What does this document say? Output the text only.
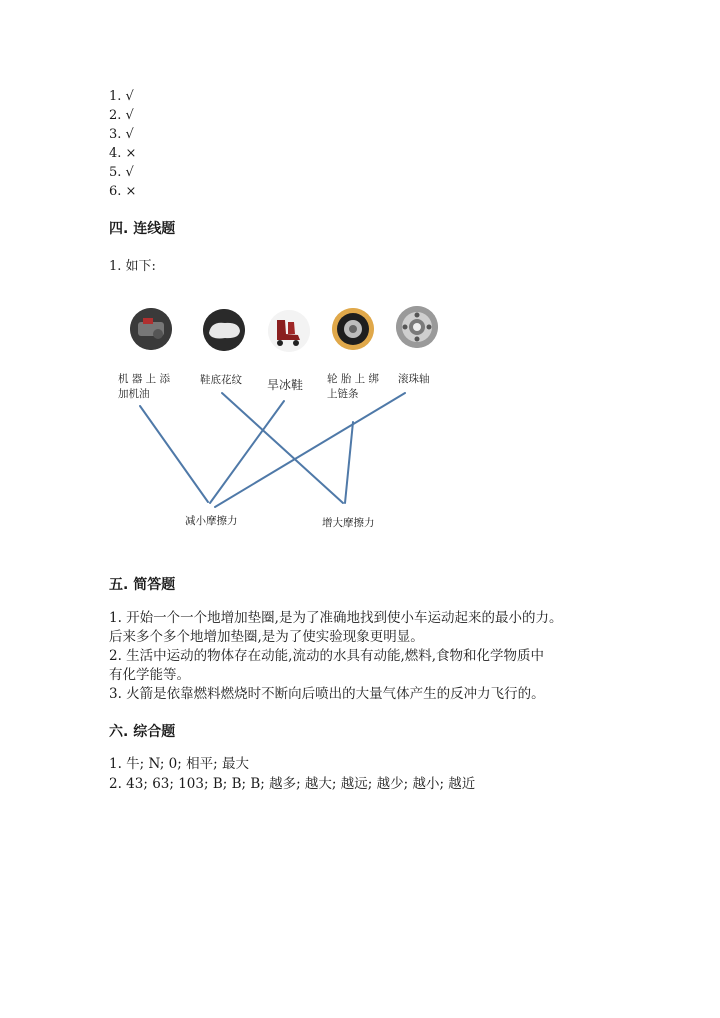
1. √
2. √
3. √
4. ×
5. √
6. ×
四. 连线题
1. 如下:
机 器 上 添
加机油
鞋底花纹 旱冰鞋 轮 胎 上 绑
上链条
滚珠轴
减小摩擦力	增大摩擦力
五. 简答题
1. 开始一个一个地增加垫圈,是为了准确地找到使小车运动起来的最小的力。
后来多个多个地增加垫圈,是为了使实验现象更明显。
2. 生活中运动的物体存在动能,流动的水具有动能,燃料,食物和化学物质中
有化学能等。
3. 火箭是依靠燃料燃烧时不断向后喷出的大量气体产生的反冲力飞行的。
六. 综合题
1. 牛; N; 0; 相平; 最大
2. 43; 63; 103; B; B; B; 越多; 越大; 越远; 越少; 越小; 越近
